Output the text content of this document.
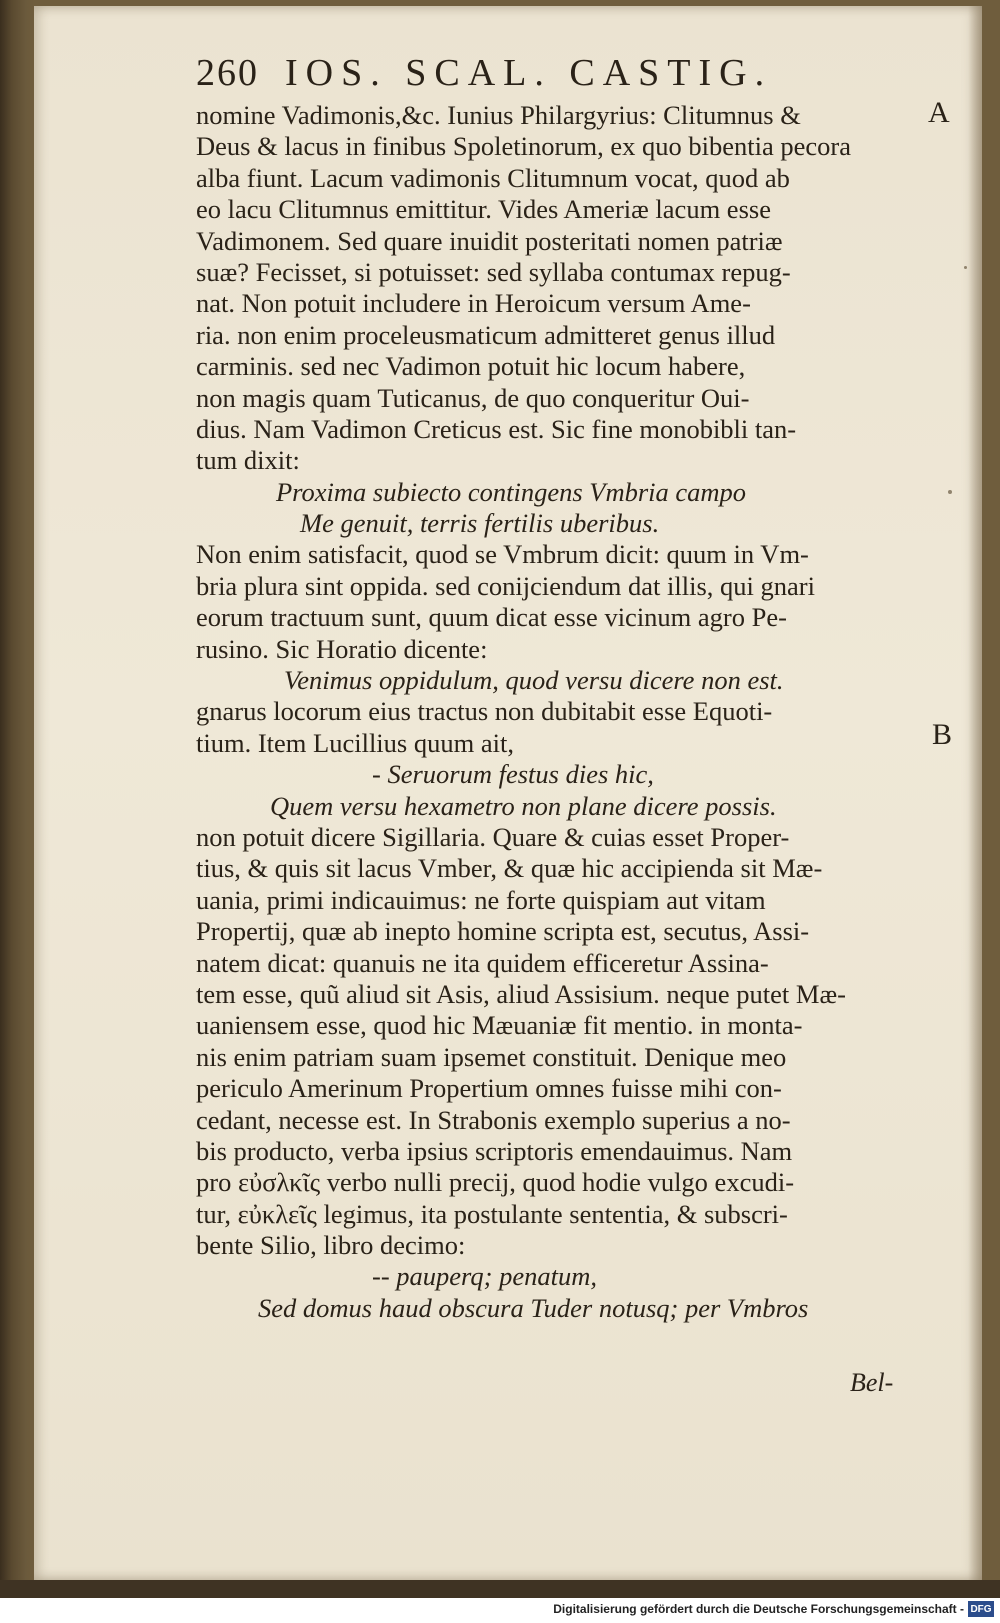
260 IOS. SCAL. CASTIG.
nomine Vadimonis,&c. Iunius Philargyrius: Clitumnus &
Deus & lacus in finibus Spoletinorum, ex quo bibentia pecora
alba fiunt. Lacum vadimonis Clitumnum vocat, quod ab
eo lacu Clitumnus emittitur. Vides Ameriæ lacum esse
Vadimonem. Sed quare inuidit posteritati nomen patriæ
suæ? Fecisset, si potuisset: sed syllaba contumax repug-
nat. Non potuit includere in Heroicum versum Ame-
ria. non enim proceleusmaticum admitteret genus illud
carminis. sed nec Vadimon potuit hic locum habere,
non magis quam Tuticanus, de quo conqueritur Oui-
dius. Nam Vadimon Creticus est. Sic fine monobibli tan-
tum dixit:
Proxima subiecto contingens Vmbria campo
Me genuit, terris fertilis uberibus.
Non enim satisfacit, quod se Vmbrum dicit: quum in Vm-
bria plura sint oppida. sed conijciendum dat illis, qui gnari
eorum tractuum sunt, quum dicat esse vicinum agro Pe-
rusino. Sic Horatio dicente:
Venimus oppidulum, quod versu dicere non est.
gnarus locorum eius tractus non dubitabit esse Equoti-
tium. Item Lucillius quum ait,
- Seruorum festus dies hic,
Quem versu hexametro non plane dicere possis.
non potuit dicere Sigillaria. Quare & cuias esset Proper-
tius, & quis sit lacus Vmber, & quæ hic accipienda sit Mæ-
uania, primi indicauimus: ne forte quispiam aut vitam
Propertij, quæ ab inepto homine scripta est, secutus, Assi-
natem dicat: quanuis ne ita quidem efficeretur Assina-
tem esse, quũ aliud sit Asis, aliud Assisium. neque putet Mæ-
uaniensem esse, quod hic Mæuaniæ fit mentio. in monta-
nis enim patriam suam ipsemet constituit. Denique meo
periculo Amerinum Propertium omnes fuisse mihi con-
cedant, necesse est. In Strabonis exemplo superius a no-
bis producto, verba ipsius scriptoris emendauimus. Nam
pro εὐσλκῖς verbo nulli precij, quod hodie vulgo excudi-
tur, εὐκλεῖς legimus, ita postulante sententia, & subscri-
bente Silio, libro decimo:
-- pauperq; penatum,
Sed domus haud obscura Tuder notusq; per Vmbros
Bel-
A
B
Digitalisierung gefördert durch die Deutsche Forschungsgemeinschaft - DFG
